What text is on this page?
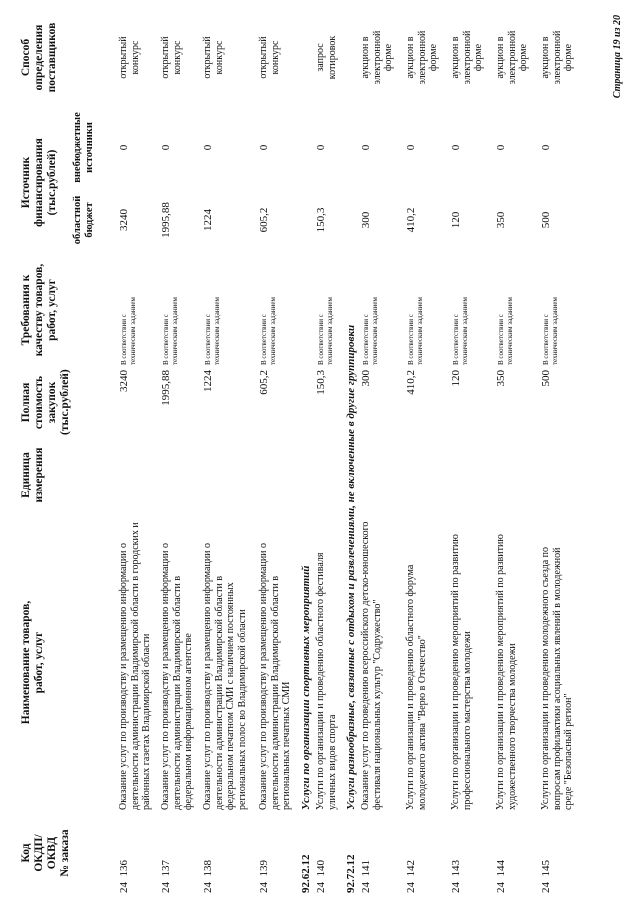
Код
ОКДП/
ОКВД
№ заказа
Наименование товаров,
работ, услуг
Единица
измерения
Полная
стоимость
закупок
(тыс.рублей)
Требования к
качеству товаров,
работ, услуг
Источник
финансирования
(тыс.рублей)
областной
бюджет
внебюджетные
источники
Способ
определения
поставщиков
24  136
Оказание услуг по производству и размещению информации о
деятельности администрации Владимирской области в городских и
районных газетах Владимирской области
3240
В соответствии с
техническим заданием
3240
0
открытый
конкурс
24  137
Оказание услуг по производству и размещению информации о
деятельности администрации Владимирской области в
федеральном информационном агентстве
1995,88
В соответствии с
техническим заданием
1995,88
0
открытый
конкурс
24  138
Оказание услуг по производству и размещению информации о
деятельности администрации Владимирской области в
федеральном печатном СМИ с наличием постоянных
региональных полос во Владимирской области
1224
В соответствии с
техническим заданием
1224
0
открытый
конкурс
24  139
Оказание услуг по производству и размещению информации о
деятельности администрации Владимирской области в
региональных печатных СМИ
605,2
В соответствии с
техническим заданием
605,2
0
открытый
конкурс
92.62.12
Услуги по организации спортивных мероприятий
24  140
Услуги по организации и проведению областного фестиваля
уличных видов спорта
150,3
В соответствии с
техническим заданием
150,3
0
запрос
котировок
92.72.12
Услуги разнообразные, связанные с отдыхом и развлечениями, не включенные в другие группировки
24  141
Оказание услуг по проведению всероссийского детско-юношеского
фестиваля национальных культур "Содружество"
300
В соответствии с
техническим заданием
300
0
аукцион в
электронной
форме
24  142
Услуги по организации и проведению областного форума
молодежного актива "Верю в Отечество"
410,2
В соответствии с
техническим заданием
410,2
0
аукцион в
электронной
форме
24  143
Услуги по организации и проведению мероприятий по развитию
профессионального мастерства молодежи
120
В соответствии с
техническим заданием
120
0
аукцион в
электронной
форме
24  144
Услуги по организации и проведению мероприятий по развитию
художественного творчества молодежи
350
В соответствии с
техническим заданием
350
0
аукцион в
электронной
форме
24  145
Услуги по организации и проведению молодежного съезда по
вопросам профилактики асоциальных явлений в молодежной
среде "Безопасный регион"
500
В соответствии с
техническим заданием
500
0
аукцион в
электронной
форме	Страница 19 из 20
